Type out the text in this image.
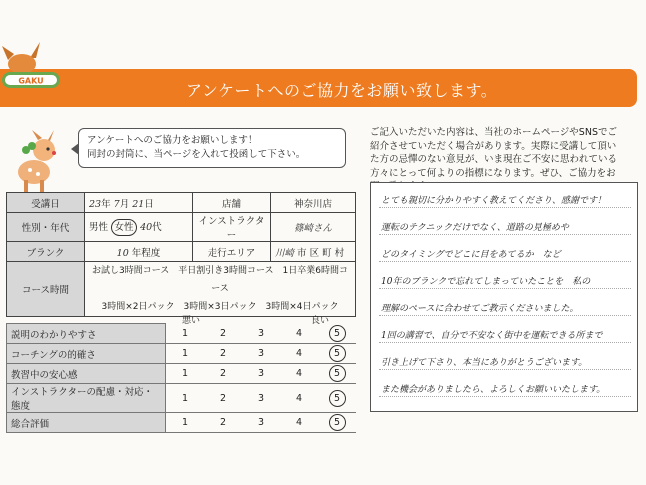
アンケートへのご協力をお願い致します。
GAKU
アンケートへのご協力をお願いします！
同封の封筒に、当ページを入れて投函して下さい。
ご記入いただいた内容は、当社のホームページやSNSでご紹介させていただく場合があります。実際に受講して頂いた方の忌憚のない意見が、いま現在ご不安に思われている方々にとって何よりの指標になります。ぜひ、ご協力をお
受講日	23年 7月 21日	店舗	神奈川店
性別・年代	男性 女性 40代	インストラクター	篠崎さん
ブランク	10 年程度	走行エリア	川崎 市 区 町 村
コース時間	お試し3時間コース　平日割引き3時間コース　1日卒業6時間コース
3時間×2日パック　3時間×3日パック　3時間×4日パック		
悪い	良い
説明のわかりやすさ	1	2	3	4	5
コーチングの的確さ	1	2	3	4	5
教習中の安心感	1	2	3	4	5
インストラクターの配慮・対応・態度	1	2	3	4	5
総合評価	1	2	3	4	5
とても親切に分かりやすく教えてくださり、感謝です！
運転のテクニックだけでなく、道路の見極めや
どのタイミングでどこに目をあてるか　など
10年のブランクで忘れてしまっていたことを　私の
理解のペースに合わせてご教示くださいました。
1回の講習で、自分で不安なく街中を運転できる所まで
引き上げて下さり、本当にありがとうございます。
また機会がありましたら、よろしくお願いいたします。
